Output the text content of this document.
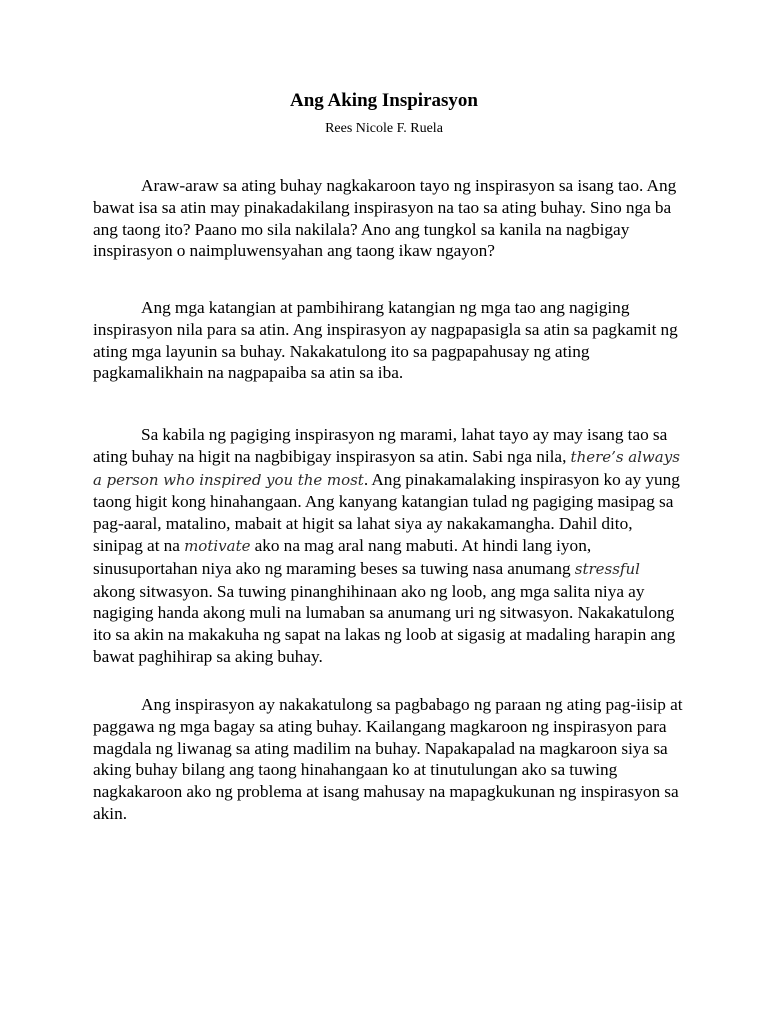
Ang Aking Inspirasyon

Rees Nicole F. Ruela

Araw-araw sa ating buhay nagkakaroon tayo ng inspirasyon sa isang tao. Ang bawat isa sa atin may pinakadakilang inspirasyon na tao sa ating buhay. Sino nga ba ang taong ito? Paano mo sila nakilala? Ano ang tungkol sa kanila na nagbigay inspirasyon o naimpluwensyahan ang taong ikaw ngayon?

Ang mga katangian at pambihirang katangian ng mga tao ang nagiging inspirasyon nila para sa atin. Ang inspirasyon ay nagpapasigla sa atin sa pagkamit ng ating mga layunin sa buhay. Nakakatulong ito sa pagpapahusay ng ating pagkamalikhain na nagpapaiba sa atin sa iba.

Sa kabila ng pagiging inspirasyon ng marami, lahat tayo ay may isang tao sa ating buhay na higit na nagbibigay inspirasyon sa atin. Sabi nga nila, there’s always a person who inspired you the most. Ang pinakamalaking inspirasyon ko ay yung taong higit kong hinahangaan. Ang kanyang katangian tulad ng pagiging masipag sa pag-aaral, matalino, mabait at higit sa lahat siya ay nakakamangha. Dahil dito, sinipag at na motivate ako na mag aral nang mabuti. At hindi lang iyon, sinusuportahan niya ako ng maraming beses sa tuwing nasa anumang stressful akong sitwasyon. Sa tuwing pinanghihinaan ako ng loob, ang mga salita niya ay nagiging handa akong muli na lumaban sa anumang uri ng sitwasyon. Nakakatulong ito sa akin na makakuha ng sapat na lakas ng loob at sigasig at madaling harapin ang bawat paghihirap sa aking buhay.

Ang inspirasyon ay nakakatulong sa pagbabago ng paraan ng ating pag-iisip at paggawa ng mga bagay sa ating buhay. Kailangang magkaroon ng inspirasyon para magdala ng liwanag sa ating madilim na buhay. Napakapalad na magkaroon siya sa aking buhay bilang ang taong hinahangaan ko at tinutulungan ako sa tuwing nagkakaroon ako ng problema at isang mahusay na mapagkukunan ng inspirasyon sa akin.
